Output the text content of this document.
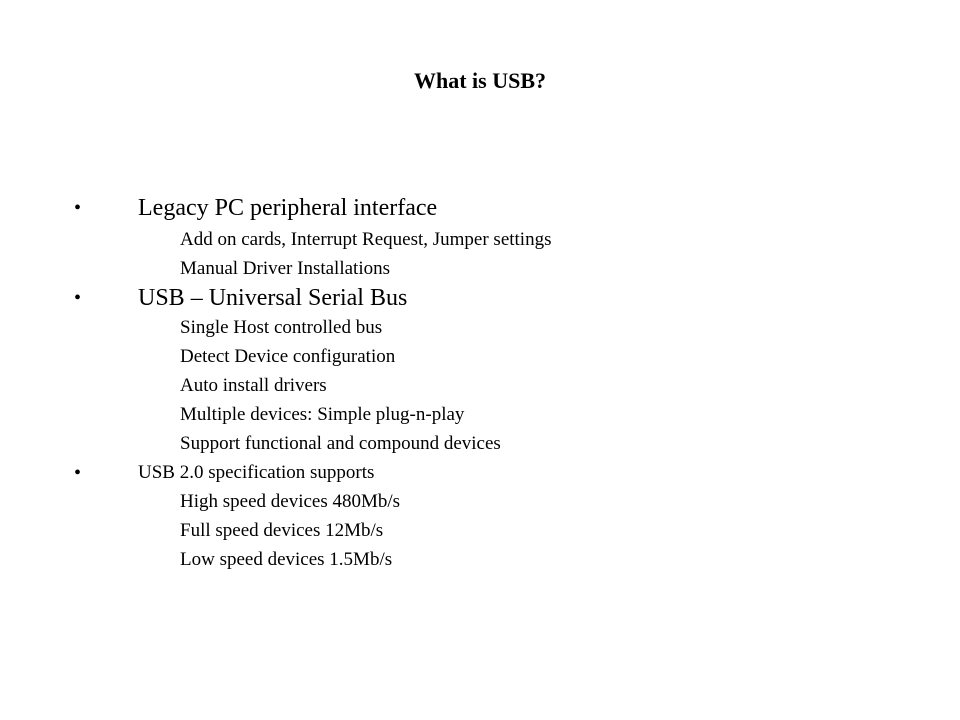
What is USB?
• Legacy PC peripheral interface
Add on cards, Interrupt Request, Jumper settings
Manual Driver Installations
• USB – Universal Serial Bus
Single Host controlled bus
Detect Device configuration
Auto install drivers
Multiple devices: Simple plug-n-play
Support functional and compound devices
•	USB 2.0 specification supports
High speed devices 480Mb/s
Full speed devices 12Mb/s
Low speed devices 1.5Mb/s
